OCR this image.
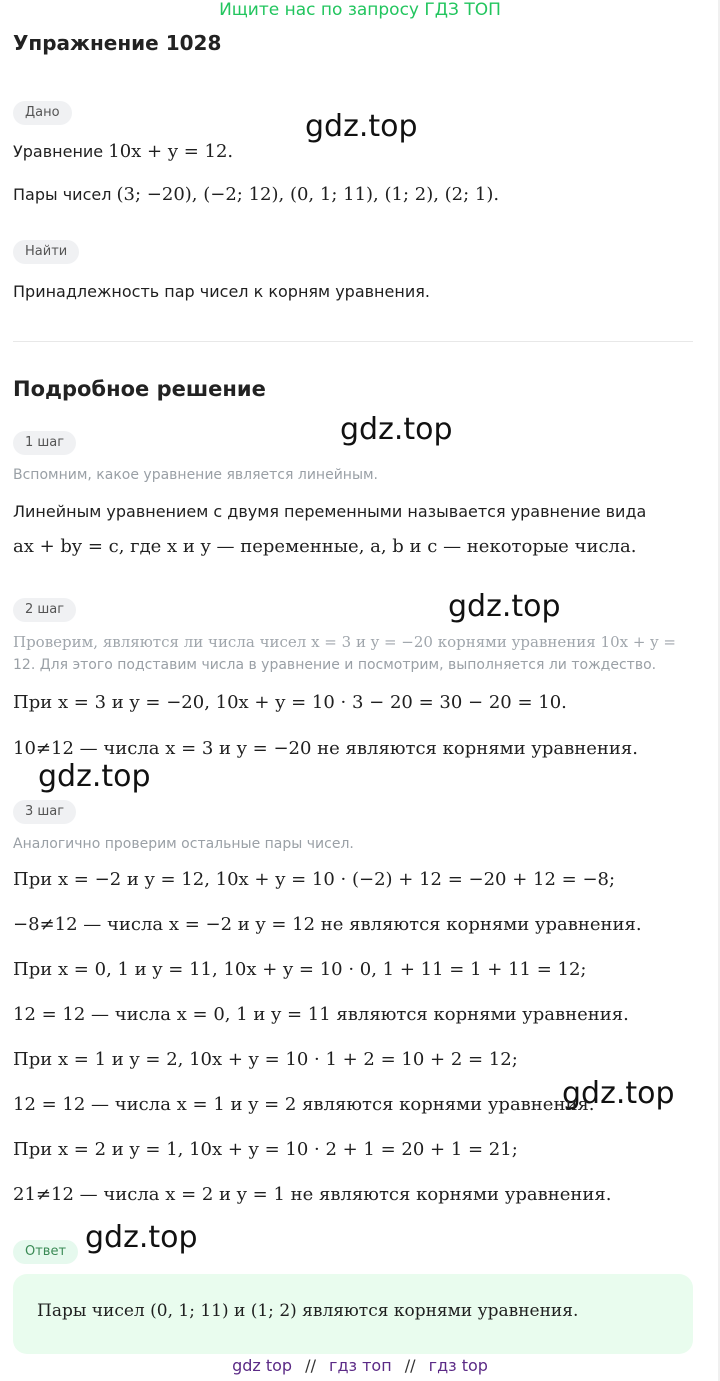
Ищите нас по запросу ГДЗ ТОП
Упражнение 1028
Дано	gdz.top
Уравнение 10x + y = 12.
Пары чисел (3; −20), (−2; 12), (0, 1; 11), (1; 2), (2; 1).
Найти
Принадлежность пар чисел к корням уравнения.
Подробное решение
gdz.top
1 шаг
Вспомним, какое уравнение является линейным.
Линейным уравнением с двумя переменными называется уравнение вида
ax + by = c, где x и y — переменные, a, b и c — некоторые числа.
2 шаг	gdz.top
Проверим, являются ли числа чисел x = 3 и y = −20 корнями уравнения 10x + y =
12. Для этого подставим числа в уравнение и посмотрим, выполняется ли тождество.
При x = 3 и y = −20, 10x + y = 10 · 3 − 20 = 30 − 20 = 10.
10≠12 — числа x = 3 и y = −20 не являются корнями уравнения.
gdz.top
3 шаг
Аналогично проверим остальные пары чисел.
При x = −2 и y = 12, 10x + y = 10 · (−2) + 12 = −20 + 12 = −8;
−8≠12 — числа x = −2 и y = 12 не являются корнями уравнения.
При x = 0, 1 и y = 11, 10x + y = 10 · 0, 1 + 11 = 1 + 11 = 12;
12 = 12 — числа x = 0, 1 и y = 11 являются корнями уравнения.
При x = 1 и y = 2, 10x + y = 10 · 1 + 2 = 10 + 2 = 12;
gdz.top
12 = 12 — числа x = 1 и y = 2 являются корнями уравнения.
При x = 2 и y = 1, 10x + y = 10 · 2 + 1 = 20 + 1 = 21;
21≠12 — числа x = 2 и y = 1 не являются корнями уравнения.
Ответ gdz.top
Пары чисел (0, 1; 11) и (1; 2) являются корнями уравнения.
gdz top // гдз топ // гдз top
